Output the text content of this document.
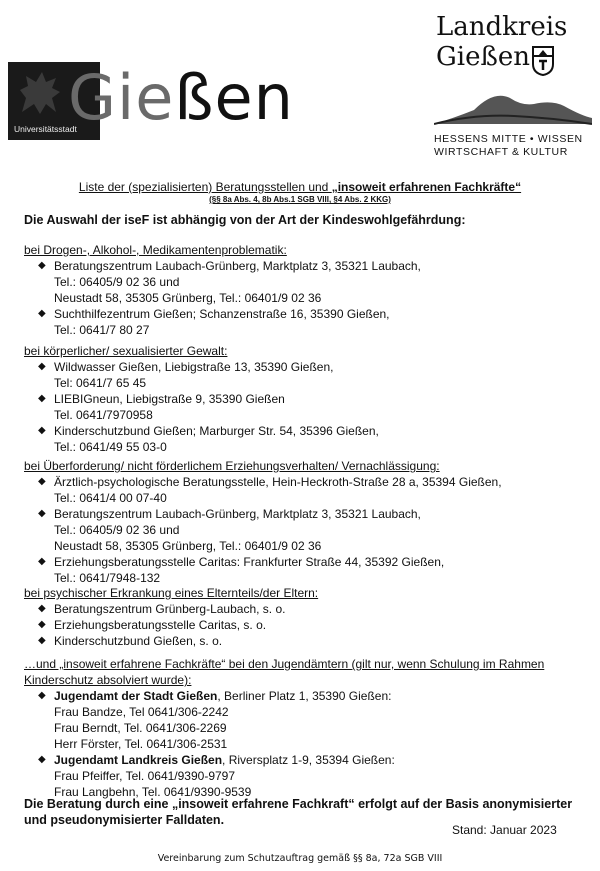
Universitätsstadt
Gießen
Landkreis
Gießen
HESSENS MITTE • WISSEN
WIRTSCHAFT & KULTUR
Liste der (spezialisierten) Beratungsstellen und „insoweit erfahrenen Fachkräfte“
(§§ 8a Abs. 4, 8b Abs.1 SGB VIII, §4 Abs. 2 KKG)
Die Auswahl der iseF ist abhängig von der Art der Kindeswohlgefährdung:
bei Drogen-, Alkohol-, Medikamentenproblematik:
◆ Beratungszentrum Laubach-Grünberg, Marktplatz 3, 35321 Laubach,
Tel.: 06405/9 02 36 und
Neustadt 58, 35305 Grünberg, Tel.: 06401/9 02 36
◆ Suchthilfezentrum Gießen; Schanzenstraße 16, 35390 Gießen,
Tel.: 0641/7 80 27
bei körperlicher/ sexualisierter Gewalt:
◆ Wildwasser Gießen, Liebigstraße 13, 35390 Gießen,
Tel: 0641/7 65 45
◆ LIEBIGneun, Liebigstraße 9, 35390 Gießen
Tel. 0641/7970958
◆ Kinderschutzbund Gießen; Marburger Str. 54, 35396 Gießen,
Tel.: 0641/49 55 03-0
bei Überforderung/ nicht förderlichem Erziehungsverhalten/ Vernachlässigung:
◆ Ärztlich-psychologische Beratungsstelle, Hein-Heckroth-Straße 28 a, 35394 Gießen,
Tel.: 0641/4 00 07-40
◆ Beratungszentrum Laubach-Grünberg, Marktplatz 3, 35321 Laubach,
Tel.: 06405/9 02 36 und
Neustadt 58, 35305 Grünberg, Tel.: 06401/9 02 36
◆ Erziehungsberatungsstelle Caritas: Frankfurter Straße 44, 35392 Gießen,
Tel.: 0641/7948-132
bei psychischer Erkrankung eines Elternteils/der Eltern:
◆ Beratungszentrum Grünberg-Laubach, s. o.
◆ Erziehungsberatungsstelle Caritas, s. o.
◆ Kinderschutzbund Gießen, s. o.
…und „insoweit erfahrene Fachkräfte“ bei den Jugendämtern (gilt nur, wenn Schulung im Rahmen
Kinderschutz absolviert wurde):
◆ Jugendamt der Stadt Gießen, Berliner Platz 1, 35390 Gießen:
Frau Bandze, Tel 0641/306-2242
Frau Berndt, Tel. 0641/306-2269
Herr Förster, Tel. 0641/306-2531
◆ Jugendamt Landkreis Gießen, Riversplatz 1-9, 35394 Gießen:
Frau Pfeiffer, Tel. 0641/9390-9797
Frau Langbehn, Tel. 0641/9390-9539
Die Beratung durch eine „insoweit erfahrene Fachkraft“ erfolgt auf der Basis anonymisierter und pseudonymisierter Falldaten.
Stand: Januar 2023
Vereinbarung zum Schutzauftrag gemäß §§ 8a, 72a SGB VIII
